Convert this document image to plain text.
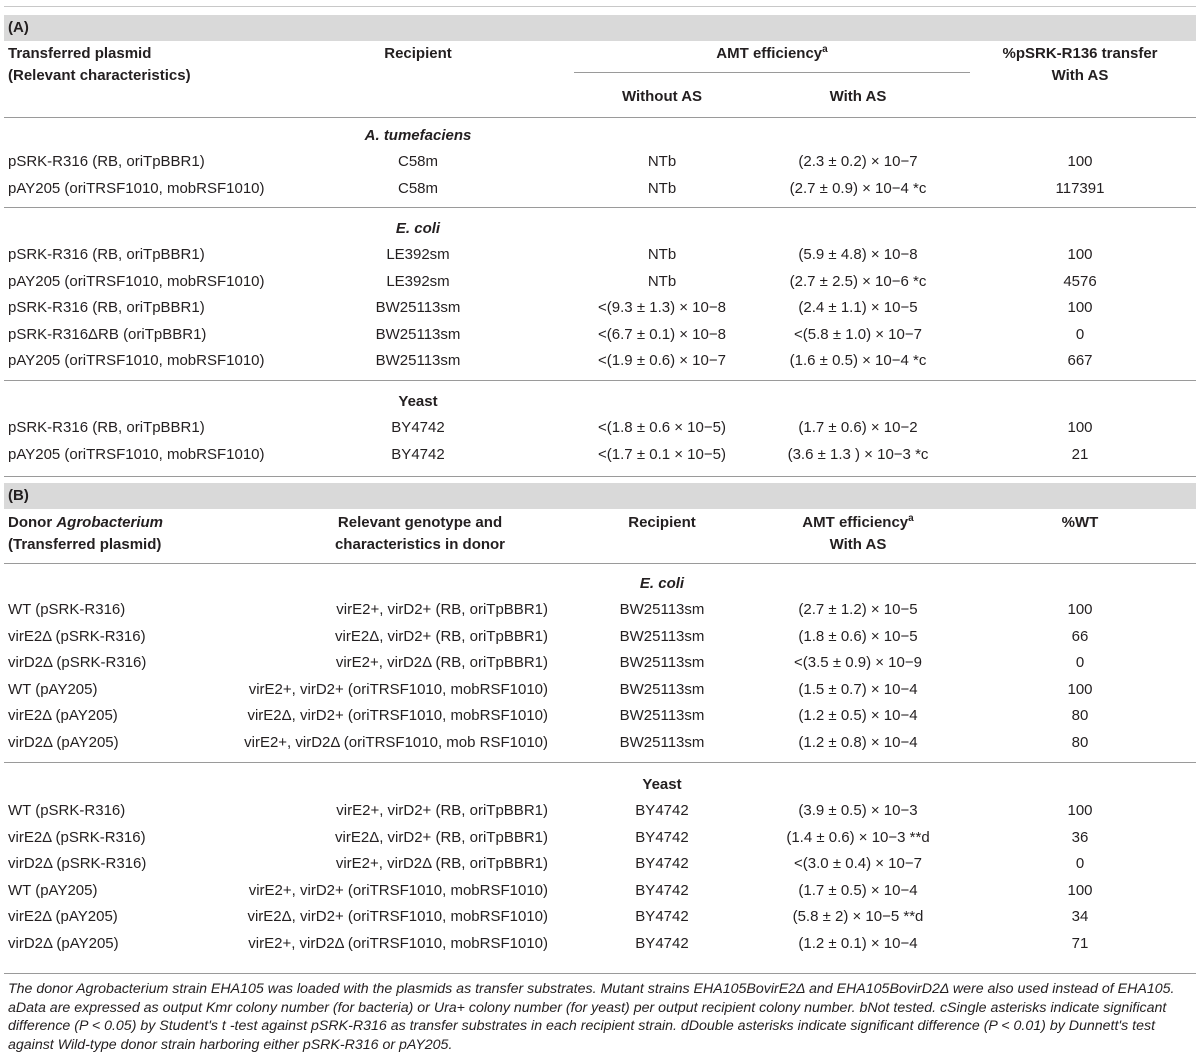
(A)
Transferred plasmid
(Relevant characteristics)
Recipient	AMT efficiency$^a$
Without AS	With AS
%pSRK-R136 transfer
With AS
A. tumefaciens
pSRK-R316 (RB, oriTpBBR1)	C58m	NTb	(2.3 ± 0.2) × 10−7	100
pAY205 (oriTRSF1010, mobRSF1010)	C58m	NTb	(2.7 ± 0.9) × 10−4 *c	117391
E. coli
pSRK-R316 (RB, oriTpBBR1)	LE392sm	NTb	(5.9 ± 4.8) × 10−8	100
pAY205 (oriTRSF1010, mobRSF1010)	LE392sm	NTb	(2.7 ± 2.5) × 10−6 *c	4576
pSRK-R316 (RB, oriTpBBR1)	BW25113sm	<(9.3 ± 1.3) × 10−8	(2.4 ± 1.1) × 10−5	100
pSRK-R316ΔRB (oriTpBBR1)	BW25113sm	<(6.7 ± 0.1) × 10−8	<(5.8 ± 1.0) × 10−7	0
pAY205 (oriTRSF1010, mobRSF1010)	BW25113sm	<(1.9 ± 0.6) × 10−7	(1.6 ± 0.5) × 10−4 *c	667
Yeast
pSRK-R316 (RB, oriTpBBR1)	BY4742	<(1.8 ± 0.6 × 10−5)	(1.7 ± 0.6) × 10−2	100
pAY205 (oriTRSF1010, mobRSF1010)	BY4742	<(1.7 ± 0.1 × 10−5)	(3.6 ± 1.3 ) × 10−3 *c	21
(B)
Donor Agrobacterium
(Transferred plasmid)
Relevant genotype and
characteristics in donor
Recipient	AMT efficiency$^a$
With AS
%WT
E. coli
WT (pSRK-R316)	virE2+, virD2+ (RB, oriTpBBR1)	BW25113sm	(2.7 ± 1.2) × 10−5	100
virE2Δ (pSRK-R316)	virE2Δ, virD2+ (RB, oriTpBBR1)	BW25113sm	(1.8 ± 0.6) × 10−5	66
virD2Δ (pSRK-R316)	virE2+, virD2Δ (RB, oriTpBBR1)	BW25113sm	<(3.5 ± 0.9) × 10−9	0
WT (pAY205)	virE2+, virD2+ (oriTRSF1010, mobRSF1010)	BW25113sm	(1.5 ± 0.7) × 10−4	100
virE2Δ (pAY205)	virE2Δ, virD2+ (oriTRSF1010, mobRSF1010)	BW25113sm	(1.2 ± 0.5) × 10−4	80
virD2Δ (pAY205)	virE2+, virD2Δ (oriTRSF1010, mob RSF1010)	BW25113sm	(1.2 ± 0.8) × 10−4	80
Yeast
WT (pSRK-R316)	virE2+, virD2+ (RB, oriTpBBR1)	BY4742	(3.9 ± 0.5) × 10−3	100
virE2Δ (pSRK-R316)	virE2Δ, virD2+ (RB, oriTpBBR1)	BY4742	(1.4 ± 0.6) × 10−3 **d	36
virD2Δ (pSRK-R316)	virE2+, virD2Δ (RB, oriTpBBR1)	BY4742	<(3.0 ± 0.4) × 10−7	0
WT (pAY205)	virE2+, virD2+ (oriTRSF1010, mobRSF1010)	BY4742	(1.7 ± 0.5) × 10−4	100
virE2Δ (pAY205)	virE2Δ, virD2+ (oriTRSF1010, mobRSF1010)	BY4742	(5.8 ± 2) × 10−5 **d	34
virD2Δ (pAY205)	virE2+, virD2Δ (oriTRSF1010, mobRSF1010)	BY4742	(1.2 ± 0.1) × 10−4	71
The donor Agrobacterium strain EHA105 was loaded with the plasmids as transfer substrates. Mutant strains EHA105BovirE2Δ and EHA105BovirD2Δ were also used instead of EHA105. aData are expressed as output Kmr colony number (for bacteria) or Ura+ colony number (for yeast) per output recipient colony number. bNot tested. cSingle asterisks indicate significant difference (P < 0.05) by Student's t -test against pSRK-R316 as transfer substrates in each recipient strain. dDouble asterisks indicate significant difference (P < 0.01) by Dunnett's test against Wild-type donor strain harboring either pSRK-R316 or pAY205.
